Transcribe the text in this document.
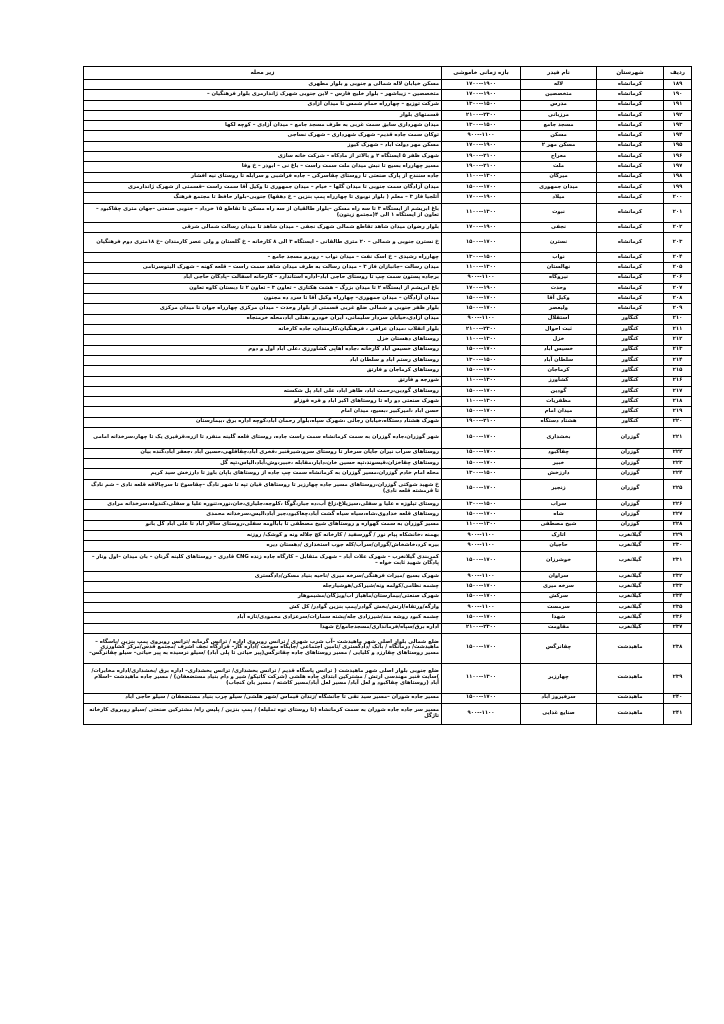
ردیف	شهرستان	نام فیدر	بازه زمانی خاموشی	زیر محله
۱۸۹	کرمانشاه	لاله	۱۷۰۰--۱۹۰۰	مسکن خیابان لاله شمالی و جنوبی و بلوار مطهری
۱۹۰	کرمانشاه	متخصصین	۱۷۰۰--۱۹۰۰	متخصصین – زیباشهر – بلوار خلیج فارس – لاین جنوبی شهرک ژاندارمری بلوار فرهنگیان –
۱۹۱	کرمانشاه	مدرس	۱۳۰۰--۱۵۰۰	شرکت توزیع – چهارراه حمام شمس تا میدان آزادی
۱۹۲	کرمانشاه	مرزبانی	۲۱۰۰--۲۳۰۰	قسمتهای بلوار
۱۹۳	کرمانشاه	مسجد جامع	۱۳۰۰--۱۵۰۰	میدان شهرداری سابق سمت غربی به طرف مسجد جامع – میدان آزادی – کوچه لکها
۱۹۴	کرمانشاه	مسکن	۹۰۰--۱۱۰۰	توکان سمت جاده قدیم– شهرک شهرداری – شهرک نساجی
۱۹۵	کرمانشاه	مسکن مهر ۲	۱۷۰۰--۱۹۰۰	مسکن مهر دولت آباد – شهرک کیوز
۱۹۶	کرمانشاه	معراج	۱۹۰۰--۲۱۰۰	شهرک ظفر ۵ ایستگاه ۲ و بالاتر از مادکاه – شرکت خانه سازی
۱۹۷	کرمانشاه	ملت	۱۹۰۰--۲۱۰۰	مسیر چهارراه بسیج تا نبش میدان ملت سمت راست – باغ نی – ابوذر – خ وقا
۱۹۸	کرمانشاه	میرگان	۱۱۰۰--۱۳۰۰	جاده سنندج از پارک صنعتی تا روستای چقاسرکی – جاده فراشبی و سرابله تا روستای نیه افشار
۱۹۹	کرمانشاه	میدان جمهوری	۱۵۰۰--۱۷۰۰	میدان آزادگان سمت جنوبی تا میدان گلها – خیام – میدان جمهوری تا وکیل آقا سمت راست –قسمتی از شهرک ژاندارمری
۲۰۰	کرمانشاه	میلاد	۱۷۰۰--۱۹۰۰	آتلجیا فاز ۳ – معلم ( بلوار نوبوی تا چهارراه پمپ بنزین – خ دهقها) جنوبی–بلوار حافظ تا مجتمع فرهنگ
۲۰۱	کرمانشاه	نبوت	۱۱۰۰--۱۳۰۰	باغ ابریشم از ایستگاه ۳ تا سه راه مسکن –بلوار طالقیان از سه راه مسکن تا تقاطع ۱۵ خرداد – جنوبی صنعتی –جهان متری چقاکبود –تعاون از ایستگاه ۱ الی ۴(مجتمع زیتون)
۲۰۲	کرمانشاه	نجفی	۱۷۰۰--۱۹۰۰	بلوار رضوان میدان شاهد تقاطع شمالی شهرک نجفی – میدان شاهد تا میدان رسالت شمالی شرقی
۲۰۳	کرمانشاه	نسترن	۱۵۰۰--۱۷۰۰	خ نسترن جنوبی و شمالی – ۲۰ متری طالقانی – ایستگاه ۳ الی ۸ کارخانه – خ گلستان و ولی عصر کارمندان –خ ۱۸متری دوم فرهنگیان
۲۰۴	کرمانشاه	نواب	۱۳۰۰--۱۵۰۰	چهارراه رشیدی – خ اسک نفت – میدان نواب – روبرو مسجد جامع –
۲۰۵	کرمانشاه	نهالستان	۱۱۰۰--۱۳۰۰	میدان رسالت –جانبازان فاز ۳ – میدان رسالت به طرف میدان شاهد سمت راست – قلعه کهنه – شهرک الیتوسرتامی
۲۰۶	کرمانشاه	نیروگاه	۹۰۰--۱۱۰۰	برجاده پستون سمت چپ تا روستای حاجی آباد–اداره استاندارد – کارخانه آسفالت –پادگان حاجی آباد
۲۰۷	کرمانشاه	وحدت	۱۷۰۰--۱۹۰۰	باغ ابریشم از ایستگاه ۲ تا میدان بزرگ – هشت هکتاری – تعاون ۳ – تعاون ۲ تا دبستان کاوه تعاون
۲۰۸	کرمانشاه	وکیل آقا	۱۵۰۰--۱۷۰۰	میدان آزادگان – میدان جمهوری– چهارراه وکیل آقا تا سرد ده مجنون
۲۰۹	کرمانشاه	ولیعصر	۱۵۰۰--۱۷۰۰	بلوار ظفر جنوبی و شمالی ضلع غربی قسمتی از بلوار وحدت – میدان مرکزی چهارراه جوان تا میدان مرکزی
۲۱۰	کنگاور	استقلال	۹۰۰--۱۱۰۰	میدان آزادی،خیابان سردار سلیمانی، ایران خودرو ،هتلی اباد،محله خرمنجاه
۲۱۱	کنگاور	ثبت احوال	۲۱۰۰--۲۳۰۰	بلوار انقلاب ،میدان عرافی ، فرهنگیان،کارمندان، جاده کارخانه
۲۱۲	کنگاور	خزل	۱۱۰۰--۱۳۰۰	روستاهای دهستان خزل
۲۱۳	کنگاور	خسیس آباد	۱۵۰۰--۱۷۰۰	روستاهای خسیس اباد کارخانه ،جاده اهاپی کشاورزی ،علی اباد اول و دوم
۲۱۴	کنگاور	سلطان آباد	۱۳۰۰--۱۵۰۰	روستاهای رستم اباد و سلطان اباد
۲۱۵	کنگاور	کرماجان	۱۵۰۰--۱۷۰۰	روستاهای کرماجان و فارتق
۲۱۶	کنگاور	کشاورز	۱۱۰۰--۱۳۰۰	شورجه و فارتق
۲۱۷	کنگاور	گودین	۱۵۰۰--۱۷۰۰	روستاهای گودین،رحمت اباد، طاهر اباد، علی اباد پل شکسته
۲۱۸	کنگاور	مظفریات	۱۱۰۰--۱۳۰۰	شهرک صنعتی دو راه تا روستاهای اکبر اباد و قره قوزلو
۲۱۹	کنگاور	میدان امام	۱۵۰۰--۱۷۰۰	حسن اباد ،امیرکبیر ،بسیج، میدان امام
۲۲۰	کنگاور	هشتاد دستگاه	۱۹۰۰--۲۱۰۰	شهرک هشتاد دستگاه،خیابان رجائی ،شهرک سپاه،بلوار رحمان اباد،کوچه اداره برق ،بیمارستان
۲۲۱	گوزران	بخشداری	۱۵۰۰--۱۷۰۰	شهر گوزران،جاده گوزران به سمت کرمانشاه سمت راست جاده، روستای قلعه گلینه منفرد تا ازره،قرقیری یک تا چهار،سرخدانه امامی
۲۲۲	گوزران	چقاکبود	۱۵۰۰--۱۷۰۰	روستاهای سراب نیران جایان سرخار تا روستای سرو،شیرقنبر ،فخری آباد،چقاقلهی،حسین آباد ،جعفر آباد،گنده بیان
۲۲۳	گوزران	خبیر	۱۵۰۰--۱۷۰۰	روستاهای چقاخزان،قیسوند،تپه حسین خان،دایار،مقابله ،خبیر،وش،آباد،الیاس،تپه گل
۲۲۴	گوزران	دارزخش	۱۳۰۰--۱۵۰۰	محله امام خادم گوزران،مسیر گوزران به کرمانشاه سمت چپ جاده از روستاهای باپان باوز تا دارزخش سید کریم
۲۲۵	گوزران	زنجیر	۱۵۰۰--۱۷۰۰	خ شهید شوکتی گوزران،روستاهای مسیر جاده چهارزبر تا روستاهای قیان تپه تا شهر نادگ –چقاسوخ تا سرچالاقه قلعه نادی – شم نادگ تا قرمشته قلعه نادی)
۲۲۶	گوزران	سراب	۱۳۰۰--۱۵۰۰	روستای تیلوزه ه علیا و سفلی،سیزیلاغ،زاغ آب،ده جبار،گوگا ،کلوجه،جلیاری،خان،نوره،تنوره علیا و سفلی،کندوله،سرخدانه مرادی
۲۲۷	گوزران	شاه	۱۵۰۰--۱۷۰۰	روستاهای قلعه خدادوی،شاه،سیاه سیاه گشت آباد،چغاکبود،جبر آباد،الیس،سرخدانه محمدی
۲۲۸	گوزران	شیخ مصطفی	۱۱۰۰--۱۳۰۰	مسیر گوزران به سمت گهواره و روستاهای شیخ مصطفی تا بابااومه سفلی،روستای سالار آباد تا علی آباد گل بانو
۲۲۹	گیلانغرب	اتارک	۹۰۰--۱۱۰۰	بهمنه ،خانشکاه پیام نور / گورسفید / کارخانه کچ جلاله ونه و کوشک/ روزنه
۲۳۰	گیلانغرب	حاجیان	۹۰۰--۱۱۰۰	بیره کرد،خاشخاش/گوران/سرآب/کله جوب استخداری /دهستان دیره
۲۳۱	گیلانغرب	خوشرزان	۱۵۰۰--۱۷۰۰	کمربندی گیلانغرب – شهرک علات آباد – شهرک متقابل – کارگاه جاده زنده CNG قادری – روستاهای کلینه گرنان – بان میدان –اول ونار – پادگان شهید ثابت خواه –
۲۳۲	گیلانغرب	سراوان	۹۰۰--۱۱۰۰	شهرک بسیج /میرات فرهنگی/سرخه میری /ناحیه بنیاد مسکن/دادگستری
۲۳۳	گیلانغرب	سرخه میری	۱۵۰۰--۱۷۰۰	چشمه نظامی/کولمه ونه/شیراکی/هوشیارجله
۲۳۴	گیلانغرب	سرکش	۱۵۰۰--۱۷۰۰	شهرک صنعتی/بیمارستان/ماهیاز آب/ویژگان/مشیموهار
۲۳۵	گیلانغرب	سرمست	۹۰۰--۱۱۰۰	وارگه/ورتقاه/ارتش/بخش گوادر/پمپ بنزین گوادر/ کل کش
۲۳۶	گیلانغرب	شهدا	۱۵۰۰--۱۷۰۰	چشمه کبود روشه مند/شیرزادی جله/پشته سمارات/سرعزادی محمودی/تازه آباد
۲۳۷	گیلانغرب	مقاومت	۲۱۰۰--۲۳۰۰	اداره برق/سپاه/فرمانداری/مسجدجامع/خ شهدا
۲۳۸	ماهیدشت	چقانرگس	۱۵۰۰--۱۷۰۰	ضلع شمالی بلوار اصلی شهر ماهیدشت –آب شرب شهری / ترانس روبروی اداره / ترانس گرمابه /ترانس روبروی پمپ بنزین /پاسگاه – ماهیدشت/ درمانگاه / بانک /دادگستری /تامین اجتماعی /جایگاه سوخت /اداره گاز– قرارگاه نجف اشرف /مجتمع قدس/مرکز کشاورزی مسیر روستاهای چقارزد و کلیایی / مسیر روستاهای جاده چقانرگس(پیر حیاتی تا پلی آباد) /سیلو نرسیده به پیر حیاتی– سیلو چقانرگس–
۲۳۹	ماهیدشت	چهارزبر	۱۱۰۰--۱۳۰۰	ضلع جنوبی بلوار اصلی شهر ماهیدشت ( ترانس پاسگاه قدیم / ترانس بخشداری/ ترانس بخشداری– اداره برق /بخشداری/اداره مخابرات/ )سایت قنبر مهندسی ارتش / مشترکین ابتدای جاده هلشی (شرکت کاتیکو/ شیر و دام بنیاد مستضعفان) / مسیر جاده ماهیدشت –اسلام آباد (روستاهای چقاکبود و لعل آباد/ مسیر لعل آباد/مسیر کاشته / مسیر بان کنجاب)
۲۴۰	ماهیدشت	سرفیروز آباد	۱۵۰۰--۱۷۰۰	مسیر جاده شوران –مسیر سید نقی تا جانشگاه /زندان قیماس /شهر هلشی/ سیلو چرب بنیاد مستضعفان / سیلو حاجی آباد
۲۴۱	ماهیدشت	صنایع غذایی	۹۰۰--۱۱۰۰	مسیر سر جاده جاده شوران به سمت کرمانشاه (تا روستای توه تملیله) / پمپ بنزین / پلیس راه/ مشترکین صنعتی /سیلو روبروی کارخانه تاژگل
